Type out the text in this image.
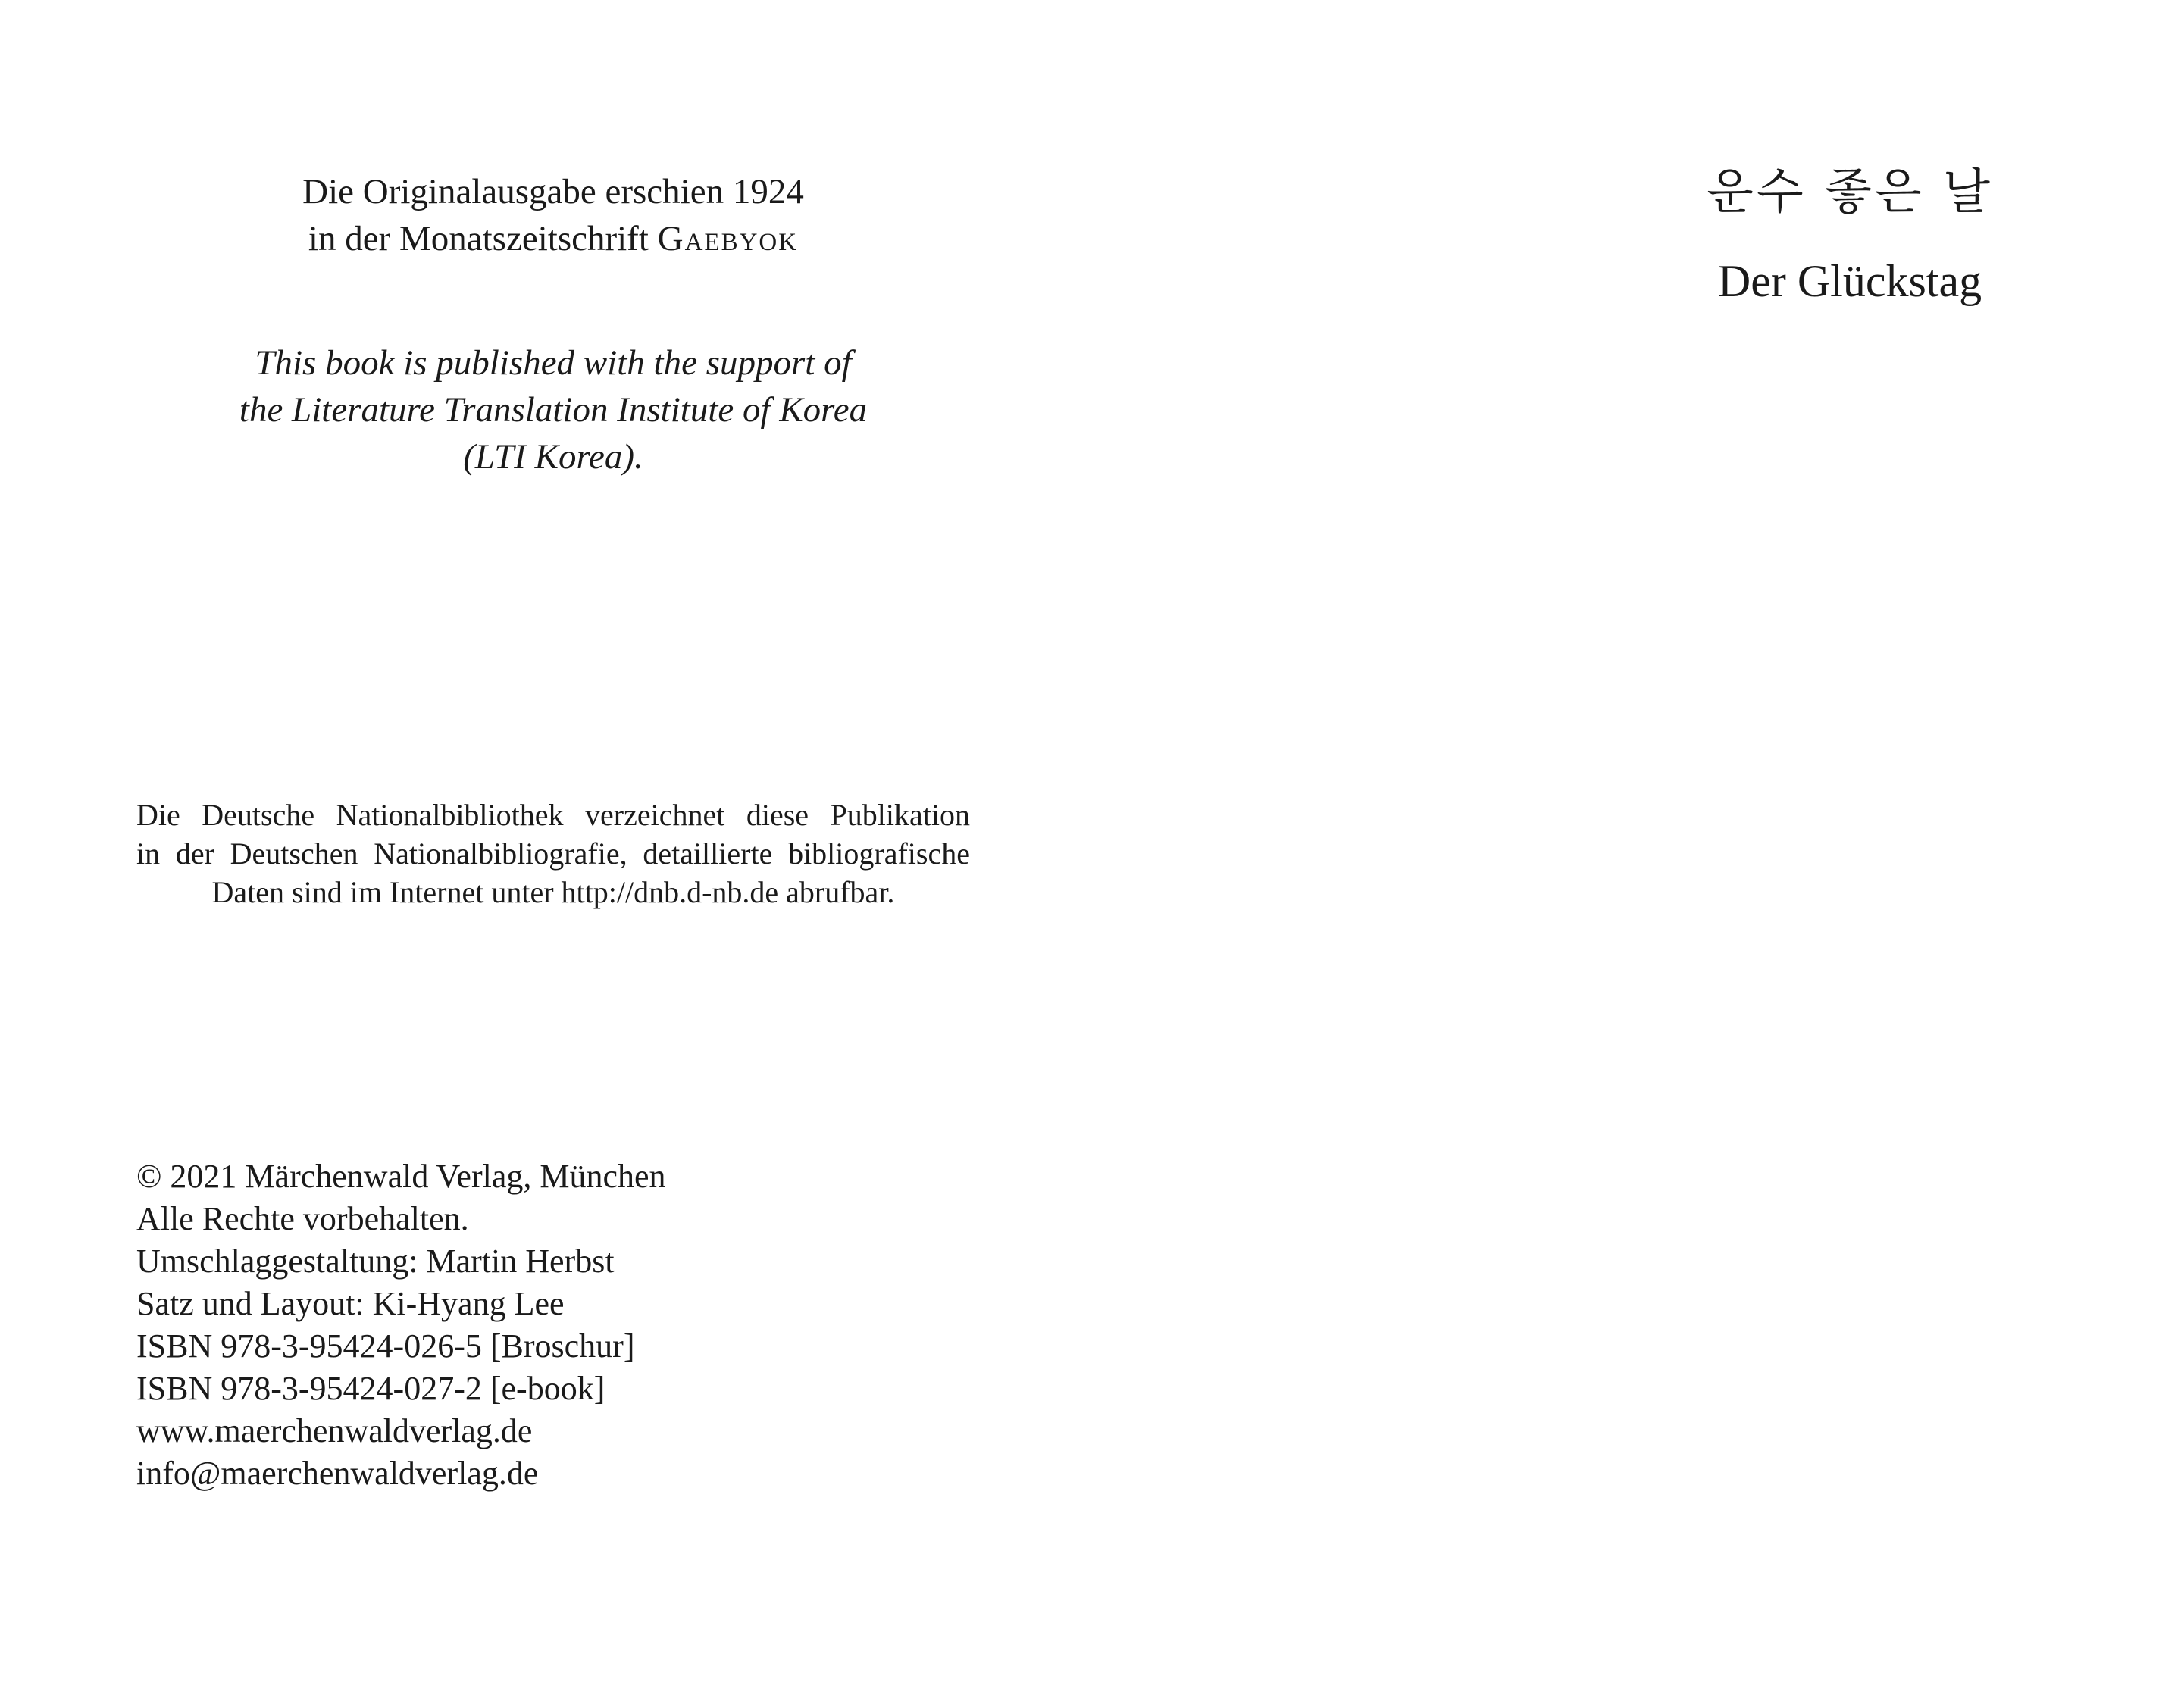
Die Originalausgabe erschien 1924
in der Monatszeitschrift Gaebyok
This book is published with the support of
the Literature Translation Institute of Korea
(LTI Korea).
Die Deutsche Nationalbibliothek verzeichnet diese Publikation
in der Deutschen Nationalbibliografie, detaillierte bibliografische
Daten sind im Internet unter http://dnb.d-nb.de abrufbar.
© 2021 Märchenwald Verlag, München
Alle Rechte vorbehalten.
Umschlaggestaltung: Martin Herbst
Satz und Layout: Ki-Hyang Lee
ISBN 978-3-95424-026-5 [Broschur]
ISBN 978-3-95424-027-2 [e-book]
www.maerchenwaldverlag.de
info@maerchenwaldverlag.de
운수 좋은 날
Der Glückstag
